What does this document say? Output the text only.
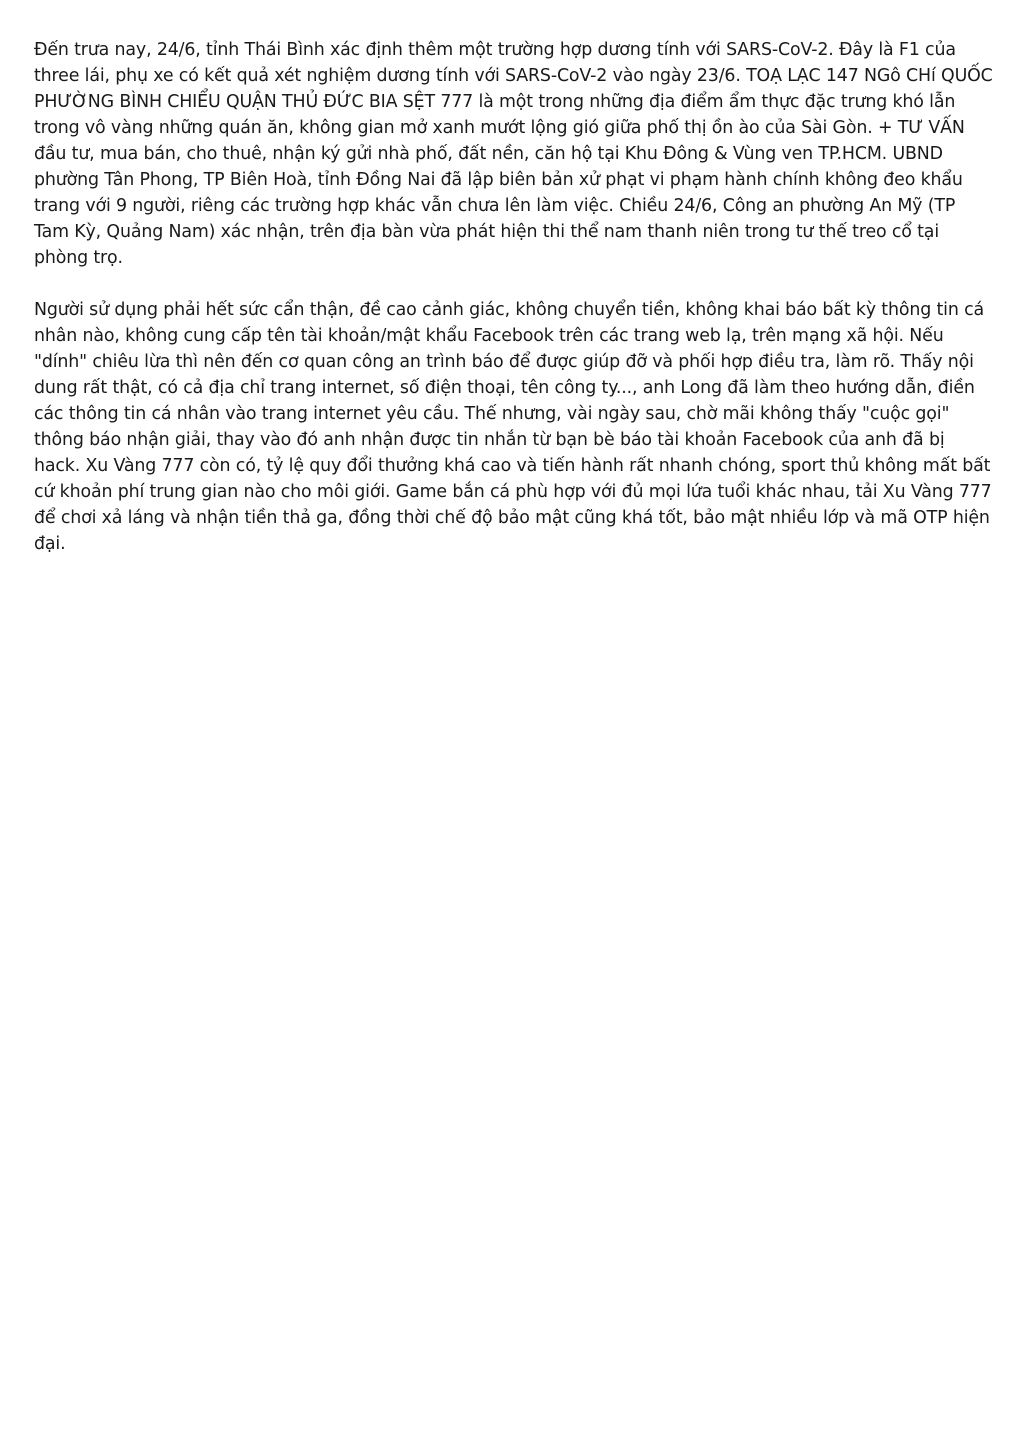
Đến trưa nay, 24/6, tỉnh Thái Bình xác định thêm một trường hợp dương tính với SARS-CoV-2. Đây là F1 của three lái, phụ xe có kết quả xét nghiệm dương tính với SARS-CoV-2 vào ngày 23/6. TOẠ LẠC 147 NGô CHí QUỐC PHƯỜNG BÌNH CHIỂU QUẬN THỦ ĐỨC BIA SỆT 777 là một trong những địa điểm ẩm thực đặc trưng khó lẫn trong vô vàng những quán ăn, không gian mở xanh mướt lộng gió giữa phố thị ồn ào của Sài Gòn. + TƯ VẤN đầu tư, mua bán, cho thuê, nhận ký gửi nhà phố, đất nền, căn hộ tại Khu Đông & Vùng ven TP.HCM. UBND phường Tân Phong, TP Biên Hoà, tỉnh Đồng Nai đã lập biên bản xử phạt vi phạm hành chính không đeo khẩu trang với 9 người, riêng các trường hợp khác vẫn chưa lên làm việc. Chiều 24/6, Công an phường An Mỹ (TP Tam Kỳ, Quảng Nam) xác nhận, trên địa bàn vừa phát hiện thi thể nam thanh niên trong tư thế treo cổ tại phòng trọ.

Người sử dụng phải hết sức cẩn thận, đề cao cảnh giác, không chuyển tiền, không khai báo bất kỳ thông tin cá nhân nào, không cung cấp tên tài khoản/mật khẩu Facebook trên các trang web lạ, trên mạng xã hội. Nếu "dính" chiêu lừa thì nên đến cơ quan công an trình báo để được giúp đỡ và phối hợp điều tra, làm rõ. Thấy nội dung rất thật, có cả địa chỉ trang internet, số điện thoại, tên công ty..., anh Long đã làm theo hướng dẫn, điền các thông tin cá nhân vào trang internet yêu cầu. Thế nhưng, vài ngày sau, chờ mãi không thấy "cuộc gọi" thông báo nhận giải, thay vào đó anh nhận được tin nhắn từ bạn bè báo tài khoản Facebook của anh đã bị hack. Xu Vàng 777 còn có, tỷ lệ quy đổi thưởng khá cao và tiến hành rất nhanh chóng, sport thủ không mất bất cứ khoản phí trung gian nào cho môi giới. Game bắn cá phù hợp với đủ mọi lứa tuổi khác nhau, tải Xu Vàng 777 để chơi xả láng và nhận tiền thả ga, đồng thời chế độ bảo mật cũng khá tốt, bảo mật nhiều lớp và mã OTP hiện đại.
